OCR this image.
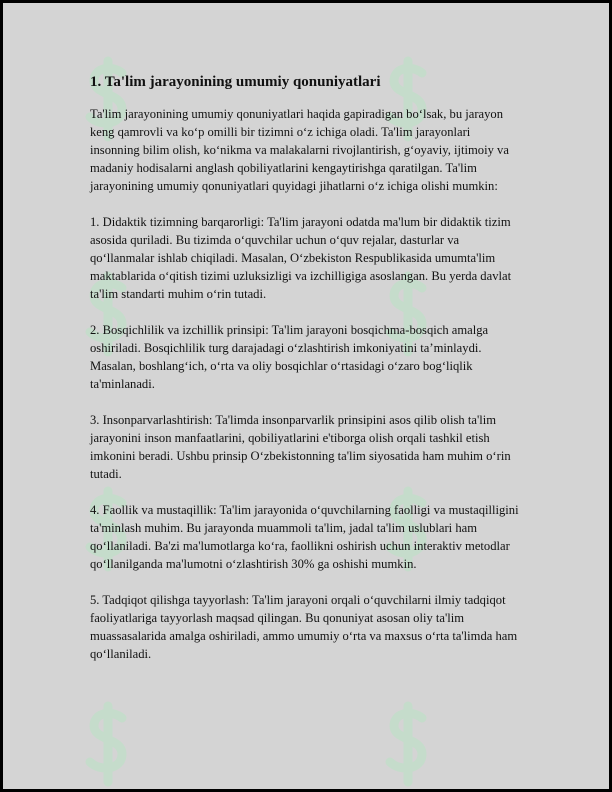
1. Ta'lim jarayonining umumiy qonuniyatlari

Ta'lim jarayonining umumiy qonuniyatlari haqida gapiradigan bo‘lsak, bu jarayon keng qamrovli va ko‘p omilli bir tizimni o‘z ichiga oladi. Ta'lim jarayonlari insonning bilim olish, ko‘nikma va malakalarni rivojlantirish, g‘oyaviy, ijtimoiy va madaniy hodisalarni anglash qobiliyatlarini kengaytirishga qaratilgan. Ta'lim jarayonining umumiy qonuniyatlari quyidagi jihatlarni o‘z ichiga olishi mumkin:

1. Didaktik tizimning barqarorligi: Ta'lim jarayoni odatda ma'lum bir didaktik tizim asosida quriladi. Bu tizimda o‘quvchilar uchun o‘quv rejalar, dasturlar va qo‘llanmalar ishlab chiqiladi. Masalan, O‘zbekiston Respublikasida umumta'lim maktablarida o‘qitish tizimi uzluksizligi va izchilligiga asoslangan. Bu yerda davlat ta'lim standarti muhim o‘rin tutadi.

2. Bosqichlilik va izchillik prinsipi: Ta'lim jarayoni bosqichma-bosqich amalga oshiriladi. Bosqichlilik turg darajadagi o‘zlashtirish imkoniyatini ta’minlaydi. Masalan, boshlang‘ich, o‘rta va oliy bosqichlar o‘rtasidagi o‘zaro bog‘liqlik ta'minlanadi.

3. Insonparvarlashtirish: Ta'limda insonparvarlik prinsipini asos qilib olish ta'lim jarayonini inson manfaatlarini, qobiliyatlarini e'tiborga olish orqali tashkil etish imkonini beradi. Ushbu prinsip O‘zbekistonning ta'lim siyosatida ham muhim o‘rin tutadi.

4. Faollik va mustaqillik: Ta'lim jarayonida o‘quvchilarning faolligi va mustaqilligini ta'minlash muhim. Bu jarayonda muammoli ta'lim, jadal ta'lim uslublari ham qo‘llaniladi. Ba'zi ma'lumotlarga ko‘ra, faollikni oshirish uchun interaktiv metodlar qo‘llanilganda ma'lumotni o‘zlashtirish 30% ga oshishi mumkin.

5. Tadqiqot qilishga tayyorlash: Ta'lim jarayoni orqali o‘quvchilarni ilmiy tadqiqot faoliyatlariga tayyorlash maqsad qilingan. Bu qonuniyat asosan oliy ta'lim muassasalarida amalga oshiriladi, ammo umumiy o‘rta va maxsus o‘rta ta'limda ham qo‘llaniladi.
